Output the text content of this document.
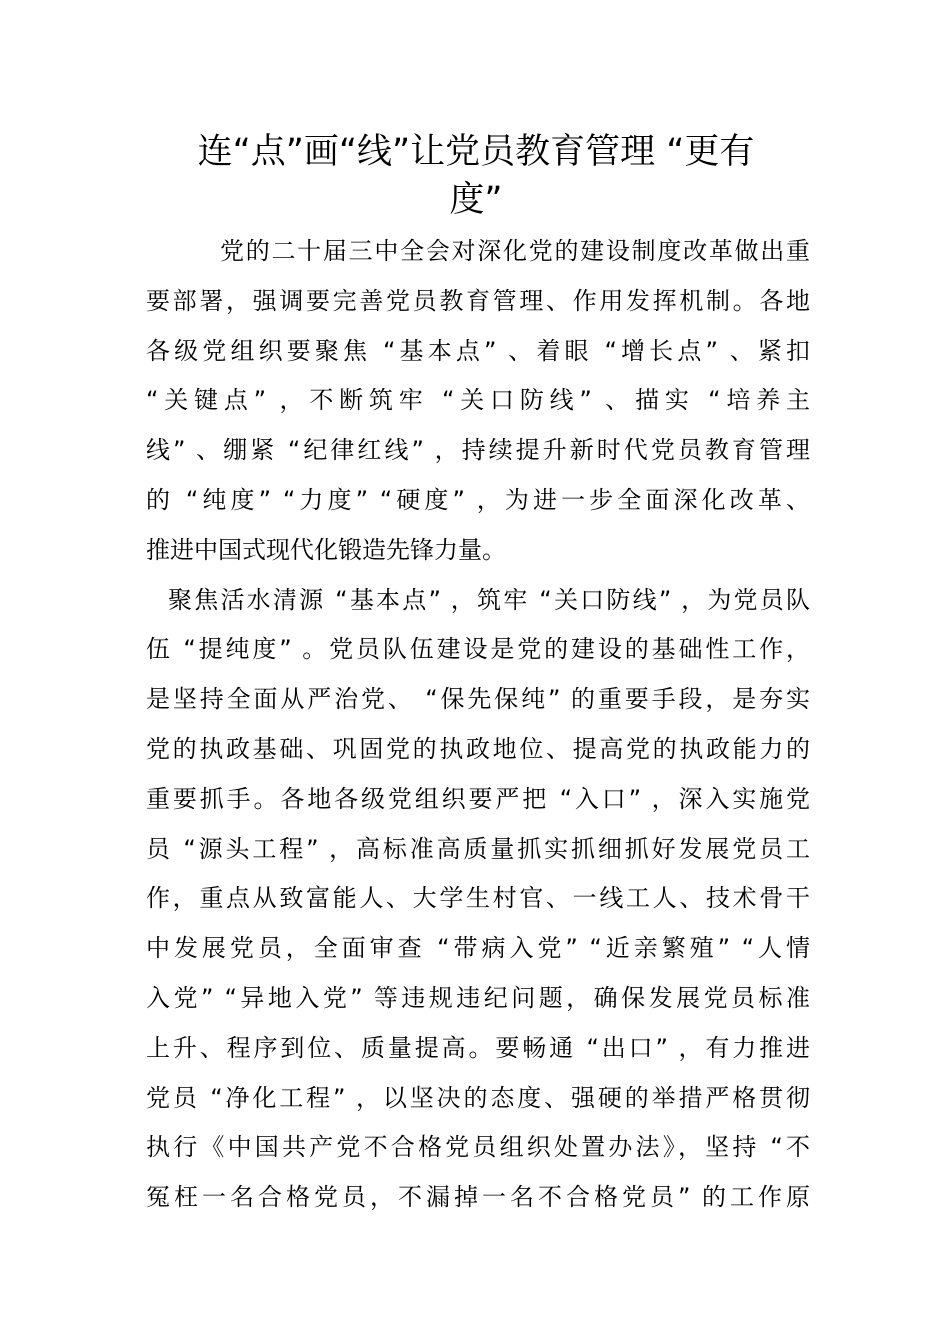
连“点”画“线”让党员教育管理 “更有
度”
党的二十届三中全会对深化党的建设制度改革做出重
要部署，强调要完善党员教育管理、作用发挥机制。各地
各级党组织要聚焦 “基本点” 、着眼 “增长点” 、紧扣
“关键点” ，不断筑牢 “关口防线” 、描实 “培养主
线” 、绷紧 “纪律红线” ，持续提升新时代党员教育管理
的 “纯度” “力度” “硬度” ，为进一步全面深化改革、
推进中国式现代化锻造先锋力量。
聚焦活水清源 “基本点” ，筑牢 “关口防线” ，为党员队
伍 “提纯度” 。党员队伍建设是党的建设的基础性工作，
是坚持全面从严治党、 “保先保纯” 的重要手段，是夯实
党的执政基础、巩固党的执政地位、提高党的执政能力的
重要抓手。各地各级党组织要严把 “入口” ，深入实施党
员 “源头工程” ，高标准高质量抓实抓细抓好发展党员工
作，重点从致富能人、大学生村官、一线工人、技术骨干
中发展党员，全面审查 “带病入党” “近亲繁殖” “人情
入党” “异地入党” 等违规违纪问题，确保发展党员标准
上升、程序到位、质量提高。要畅通 “出口” ，有力推进
党员 “净化工程” ，以坚决的态度、强硬的举措严格贯彻
执行《中国共产党不合格党员组织处置办法》，坚持 “不
冤枉一名合格党员，不漏掉一名不合格党员” 的工作原
